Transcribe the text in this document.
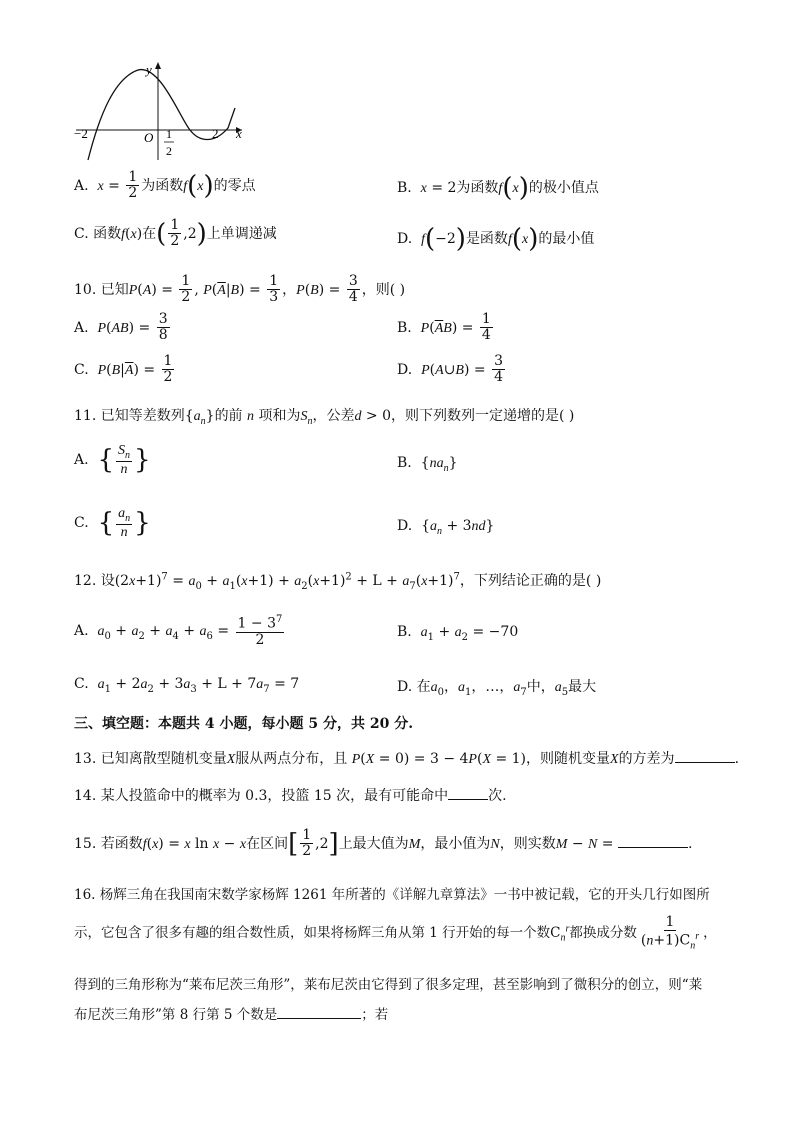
y
x
O
−2	2
1
2
A. $x = \frac{1}{2}$ 为函数f(x)的零点	B. x = 2为函数f(x)的极小值点
C. 函数f(x)在( $\frac{1}{2} ,2$)上单调递减	D. f(−2)是函数f(x)的最小值
10. 已知$P(A) = \frac{1}{2}$ , $P(\overline{A}|B) = \frac{1}{3}$ ，$P(B) = \frac{3}{4}$ ，则( )
A. $P(AB) = \frac{3}{8}$	B. $P(\overline{A}B) = \frac{1}{4}$
C. $P(B|\overline{A}) = \frac{1}{2}$	D. P(A∪B) = $\frac{3}{4}$
11. 已知等差数列$\{a_n\}$的前 n 项和为$S_n$，公差d > 0，则下列数列一定递增的是( )
A. { $\frac{S_n}{n}$ }	B.  $\{na_n\}$
C. { $\frac{a_n}{n}$ }	D.  $\{a_n + 3nd\}$
12. 设$(2x+1)^7 = a_0 + a_1(x+1) + a_2(x+1)^2 + L + a_7(x+1)^7$，下列结论正确的是( )
A. $a_0 + a_2 + a_4 + a_6 = \frac{1 - 3^7}{2}$	B. $a_1 + a_2 = -70$
C. $a_1 + 2a_2 + 3a_3 + L + 7a_7 = 7$	D. 在$a_0$，$a_1$，…，$a_7$中，$a_5$最大
三、填空题：本题共 4 小题，每小题 5 分，共 20 分.
13. 已知离散型随机变量X服从两点分布，且 P(X = 0) = 3 − 4P(X = 1)，则随机变量X的方差为	.
14. 某人投篮命中的概率为 0.3，投篮 15 次，最有可能命中	次.
15. 若函数f(x) = x ln x − x在区间[ $\frac{1}{2} ,2$]上最大值为M，最小值为N，则实数M − N =	.
16. 杨辉三角在我国南宋数学家杨辉 1261 年所著的《详解九章算法》一书中被记载，它的开头几行如图所
示，它包含了很多有趣的组合数性质，如果将杨辉三角从第 1 行开始的每一个数$C_n^r$都换成分数 $\frac{1}{(n+1)C_n^r}$ ，
得到的三角形称为“莱布尼茨三角形”，莱布尼茨由它得到了很多定理，甚至影响到了微积分的创立，则“莱
布尼茨三角形”第 8 行第 5 个数是	；若
